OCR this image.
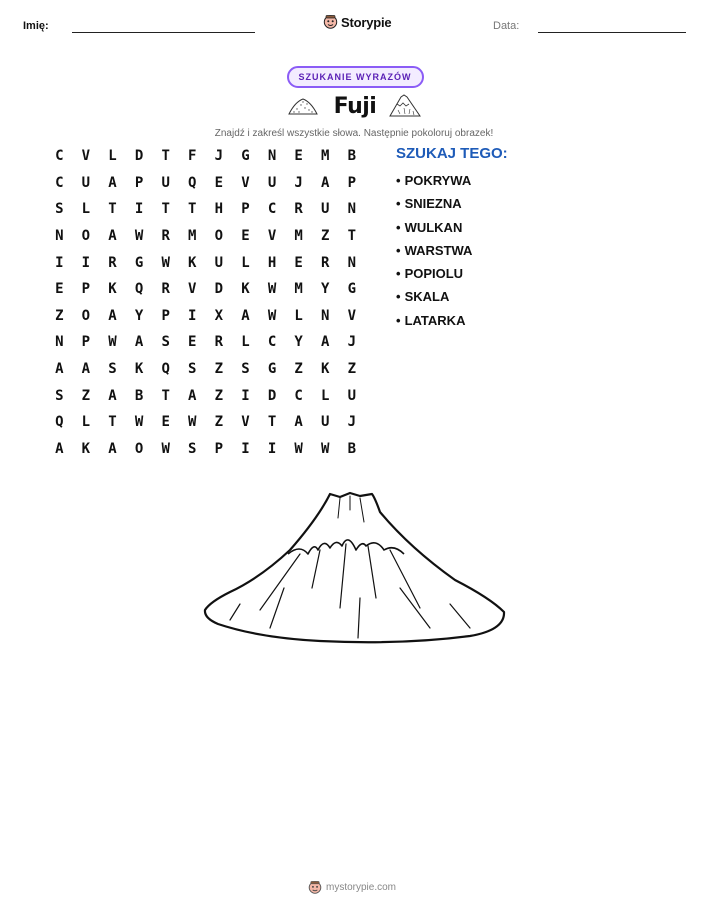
Imię:	Storypie	Data:
SZUKANIE WYRAZÓW
Fuji
Znajdź i zakreśl wszystkie słowa. Następnie pokoloruj obrazek!
C	V	L	D	T	F	J	G	N	E	M	B
C	U	A	P	U	Q	E	V	U	J	A	P
S	L	T	I	T	T	H	P	C	R	U	N
N	O	A	W	R	M	O	E	V	M	Z	T
I	I	R	G	W	K	U	L	H	E	R	N
E	P	K	Q	R	V	D	K	W	M	Y	G
Z	O	A	Y	P	I	X	A	W	L	N	V
N	P	W	A	S	E	R	L	C	Y	A	J
A	A	S	K	Q	S	Z	S	G	Z	K	Z
S	Z	A	B	T	A	Z	I	D	C	L	U
Q	L	T	W	E	W	Z	V	T	A	U	J
A	K	A	O	W	S	P	I	I	W	W	B
SZUKAJ TEGO:
• POKRYWA
• SNIEZNA
• WULKAN
• WARSTWA
• POPIOLU
• SKALA
• LATARKA
mystorypie.com
